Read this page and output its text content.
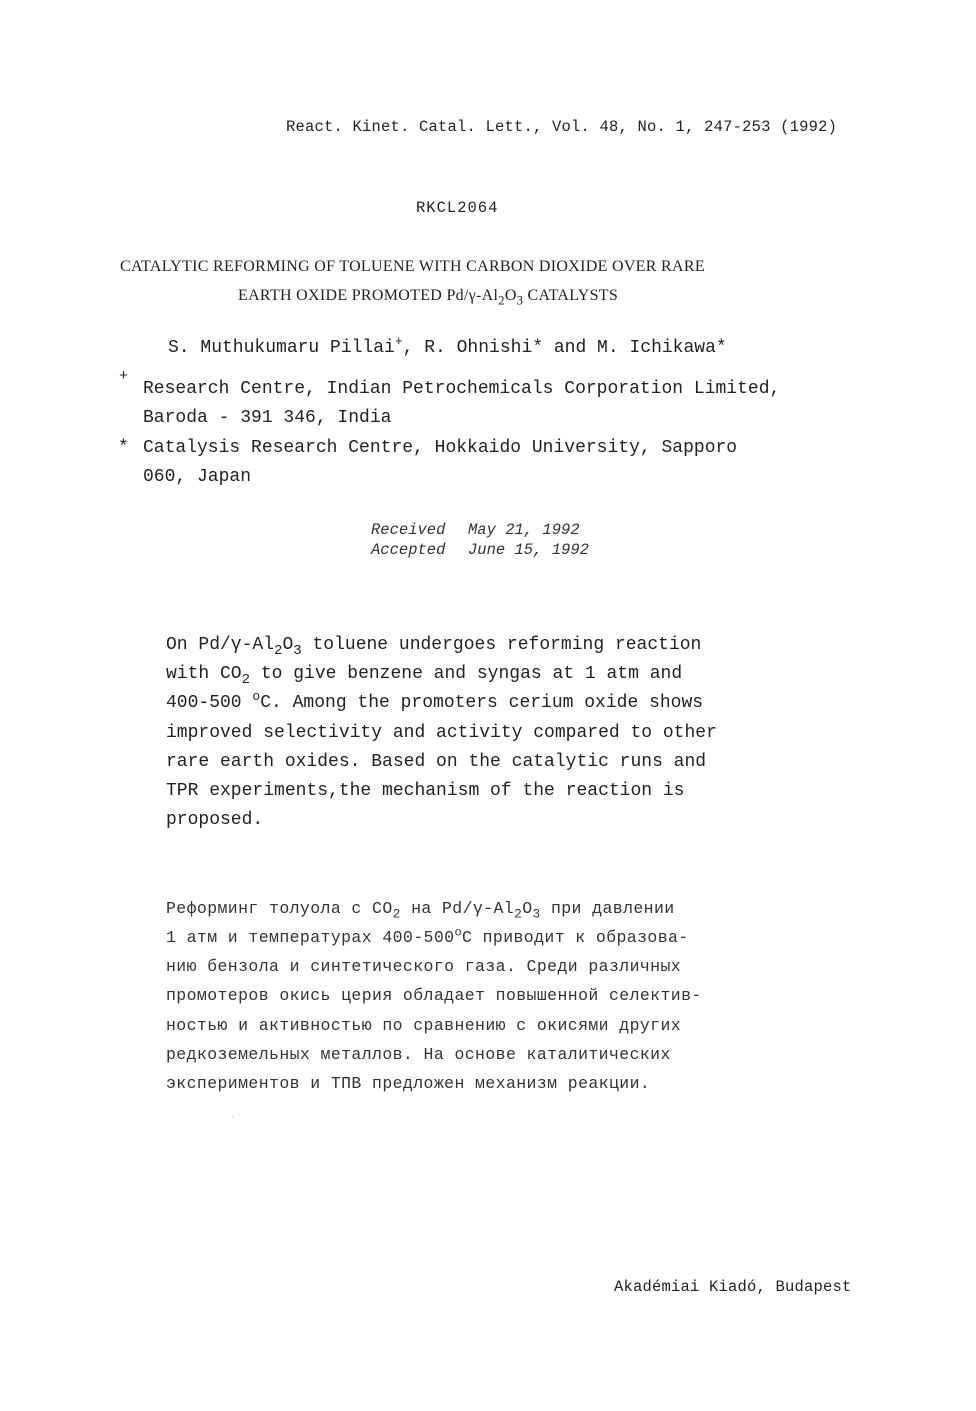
React. Kinet. Catal. Lett., Vol. 48, No. 1, 247-253 (1992)
RKCL2064
CATALYTIC REFORMING OF TOLUENE WITH CARBON DIOXIDE OVER RARE
EARTH OXIDE PROMOTED $Pd/\gamma-Al_2O_3$ CATALYSTS
S. Muthukumaru Pillai+, R. Ohnishi* and M. Ichikawa*
+
Research Centre, Indian Petrochemicals Corporation Limited,
Baroda - 391 346, India
* Catalysis Research Centre, Hokkaido University, Sapporo
060, Japan
Received May 21, 1992
Accepted June 15, 1992
On $Pd/\gamma-Al_2O_3$ toluene undergoes reforming reaction
with $CO_2$ to give benzene and syngas at 1 atm and
400-500 $^o$C. Among the promoters cerium oxide shows
improved selectivity and activity compared to other
rare earth oxides. Based on the catalytic runs and
TPR experiments,the mechanism of the reaction is
proposed.
Реформинг толуола с $CO_2$ на $Pd/\gamma-Al_2O_3$ при давлении
1 атм и температурах 400-500$^o$C приводит к образова-
нию бензола и синтетического газа. Среди различных
промотеров окись церия обладает повышенной селектив-
ностью и активностью по сравнению с окисями других
редкоземельных металлов. На основе каталитических
экспериментов и ТПВ предложен механизм реакции.
Akadémiai Kiadó, Budapest
